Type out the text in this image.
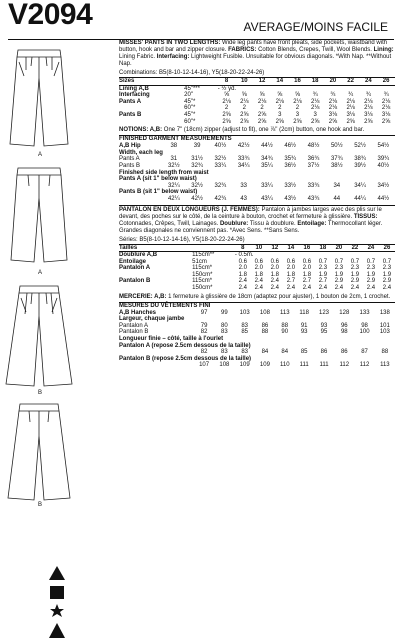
V2094	AVERAGE/MOINS FACILE
A
A
B
B

MISSES' PANTS IN TWO LENGTHS: Wide leg pants have front pleats, side pockets, waistband with button, hook and bar and zipper closure. FABRICS: Cotton Blends, Crepes, Twill, Wool Blends. Lining: Lining Fabric. Interfacing: Lightweight Fusible. Unsuitable for obvious diagonals. *With Nap. **Without Nap.

Combinations: B5(8-10-12-14-16), Y5(18-20-22-24-26)
Sizes		8	10	12	14	16	18	20	22	24	26
Lining A,B	45"***	- ½ yd.									
Interfacing	20"	⅝	⅝	⅝	⅝	⅝	¾	¾	¾	¾	¾
Pants A	45"*	2⅛	2⅛	2⅛	2⅛	2⅛	2⅛	2⅛	2⅛	2⅛	2⅛
	60"*	2	2	2	2	2	2⅛	2⅛	2⅛	2⅛	2⅛
Pants B	45"*	2⅝	2⅝	2⅝	3	3	3	3⅛	3⅛	3⅛	3⅛
	60"*	2⅝	2⅝	2⅝	2⅝	2⅝	2⅝	2⅝	2⅝	2⅝	2⅝

NOTIONS: A,B: One 7" (18cm) zipper (adjust to fit), one ⅞" (2cm) button, one hook and bar.

FINISHED GARMENT MEASUREMENTS
A,B Hip	38	39	40½	42½	44½	46½	48½	50½	52½	54½
Width, each leg										
Pants A	31	31½	32½	33¾	34¾	35¾	36¾	37¾	38¾	39¾
Pants B	32½	32¾	33¼	34¼	35¼	36½	37½	38½	39½	40½
Finished side length from waist										
Pants A (sit 1" below waist)										
	32¼	32½	32¾	33	33¼	33½	33¾	34	34¼	34½
Pants B (sit 1" below waist)										
	42¼	42½	42¾	43	43¼	43½	43¾	44	44¼	44½

PANTALON EN DEUX LONGUEURS (J. FEMMES): Pantalon à jambes larges avec des plis sur le devant, des poches sur le côté, de la ceinture à bouton, crochet et fermeture à glissière. TISSUS: Cotonnades, Crêpes, Twill, Lainages. Doublure: Tissu à doublure. Entoilage: Thermocollant léger. Grandes diagonales ne conviennent pas. *Avec Sens. **Sans Sens.

Séries: B5(8-10-12-14-16), Y5(18-20-22-24-26)
Tailles		8	10	12	14	16	18	20	22	24	26
Doublure A,B	115cm**	- 0.5m.									
Entoilage	51cm	0.6	0.6	0.6	0.6	0.6	0.7	0.7	0.7	0.7	0.7
Pantalon A	115cm*	2.0	2.0	2.0	2.0	2.0	2.3	2.3	2.3	2.3	2.3
	150cm*	1.8	1.8	1.8	1.8	1.8	1.9	1.9	1.9	1.9	1.9
Pantalon B	115cm*	2.4	2.4	2.4	2.7	2.7	2.7	2.9	2.9	2.9	2.9
	150cm*	2.4	2.4	2.4	2.4	2.4	2.4	2.4	2.4	2.4	2.4

MERCERIE: A,B: 1 fermeture à glissière de 18cm (adaptez pour ajuster), 1 bouton de 2cm, 1 crochet.

MESURES DU VÊTEMENTS FINI
A,B Hanches	97	99	103	108	113	118	123	128	133	138
Largeur, chaque jambe										
Pantalon A	79	80	83	86	88	91	93	96	98	101
Pantalon B	82	83	85	88	90	93	95	98	100	103
Longueur finie – côté, taille à l'ourlet										
Pantalon A (repose 2.5cm dessous de la taille)										
	82	83	83	84	84	85	86	86	87	88
Pantalon B (repose 2.5cm dessous de la taille)										
	107	108	109	109	110	111	111	112	112	113
